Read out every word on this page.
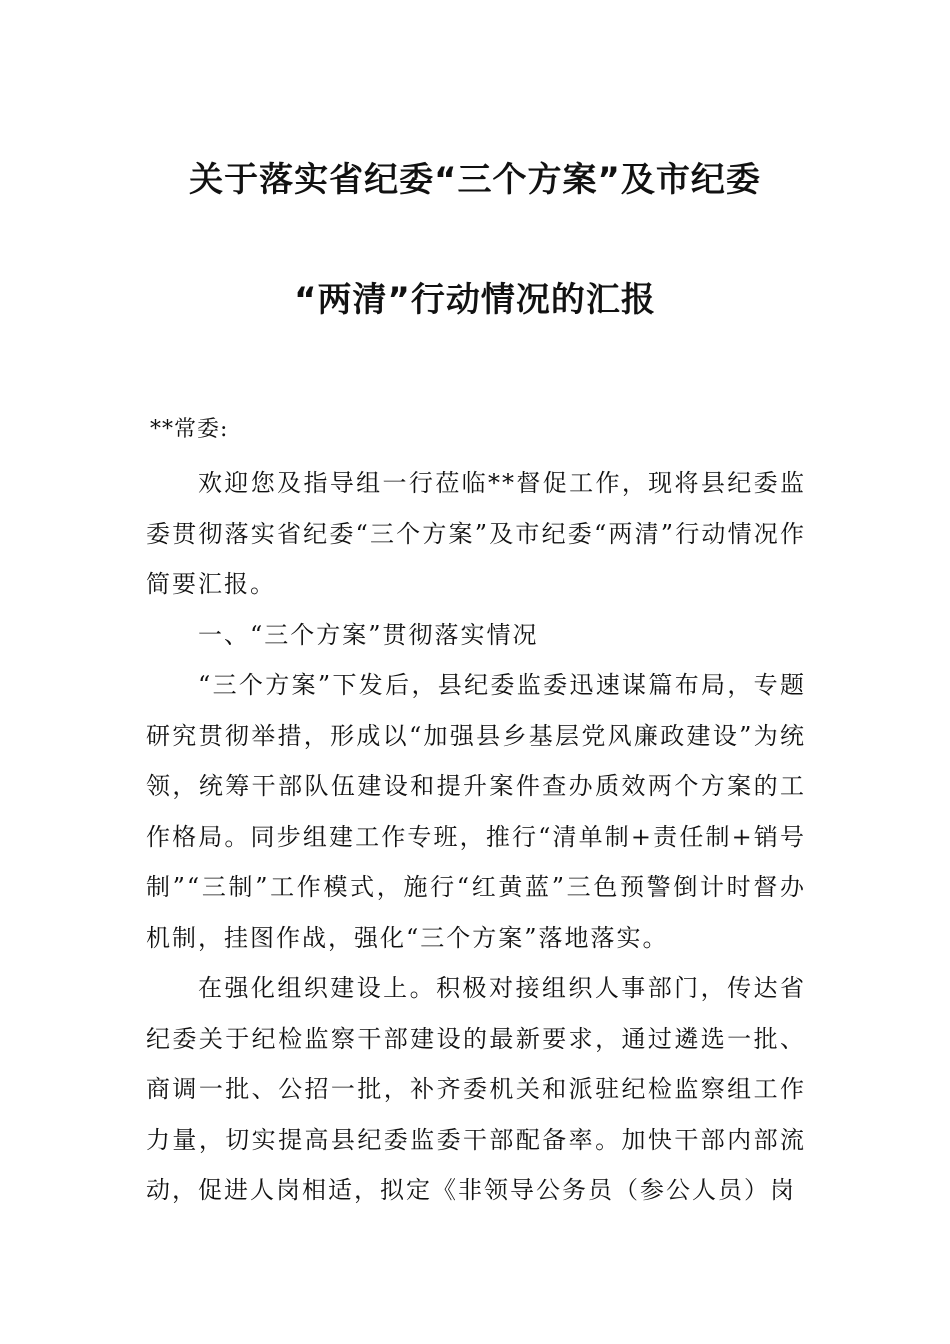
关于落实省纪委“三个方案”及市纪委
“两清”行动情况的汇报
**常委:

欢迎您及指导组一行莅临**督促工作，现将县纪委监委贯彻落实省纪委“三个方案”及市纪委“两清”行动情况作简要汇报。

一、“三个方案”贯彻落实情况

“三个方案”下发后，县纪委监委迅速谋篇布局，专题研究贯彻举措，形成以“加强县乡基层党风廉政建设”为统领，统筹干部队伍建设和提升案件查办质效两个方案的工作格局。同步组建工作专班，推行“清单制+责任制+销号制”“三制”工作模式，施行“红黄蓝”三色预警倒计时督办机制，挂图作战，强化“三个方案”落地落实。

在强化组织建设上。积极对接组织人事部门，传达省纪委关于纪检监察干部建设的最新要求，通过遴选一批、商调一批、公招一批，补齐委机关和派驻纪检监察组工作力量，切实提高县纪委监委干部配备率。加快干部内部流动，促进人岗相适，拟定《非领导公务员（参公人员）岗
